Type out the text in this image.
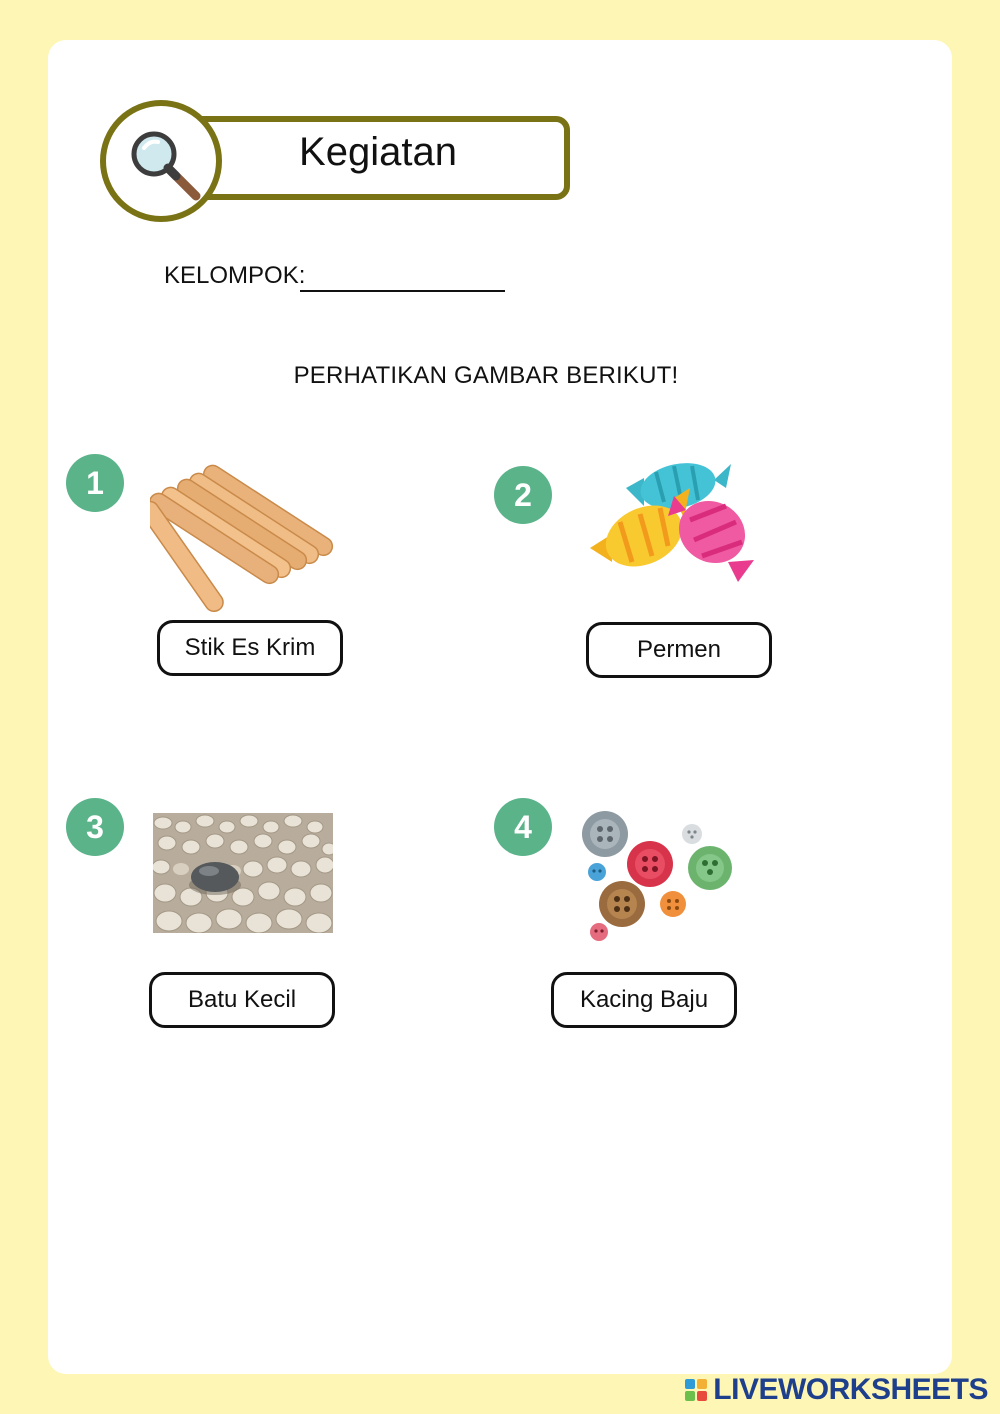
Kegiatan
KELOMPOK:
PERHATIKAN GAMBAR BERIKUT!
1
Stik Es Krim
2
Permen
3
Batu Kecil
4
Kacing Baju
LIVEWORKSHEETS
